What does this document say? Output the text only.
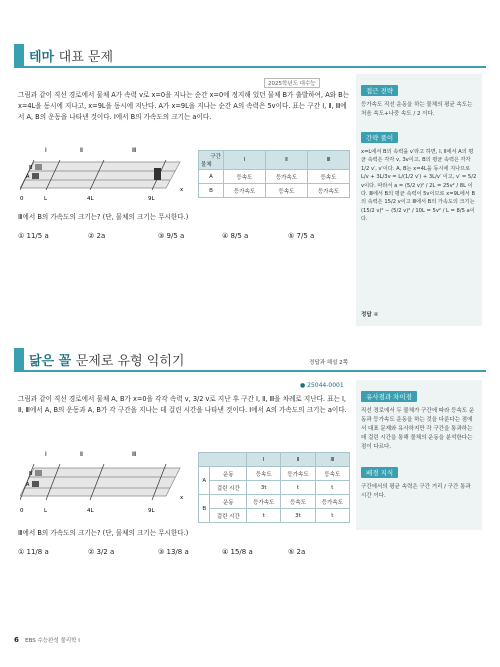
테마 대표 문제
2025학년도 대수능
그림과 같이 직선 경로에서 물체 A가 속력 v로 x=0을 지나는 순간 x=0에 정지해 있던 물체 B가 출발하여, A와 B는 x=4L을 동시에 지나고, x=9L을 동시에 지난다. A가 x=9L을 지나는 순간 A의 속력은 5v이다. 표는 구간 Ⅰ, Ⅱ, Ⅲ에서 A, B의 운동을 나타낸 것이다. Ⅰ에서 B의 가속도의 크기는 a이다.
Ⅰ	Ⅱ	Ⅲ
0	L	4L	9L
x
A
B
구간
물체	Ⅰ	Ⅱ	Ⅲ
A	등속도	등가속도	등속도
B	등가속도	등속도	등가속도
Ⅲ에서 B의 가속도의 크기는? (단, 물체의 크기는 무시한다.)
① 11/5 a	② 2a	③ 9/5 a	④ 8/5 a	⑤ 7/5 a
접근 전략
등가속도 직선 운동을 하는 물체의 평균 속도는 처음 속도+나중 속도 / 2 이다.
간략 풀이
x=L에서 B의 속력을 v′라고 하면, Ⅰ, Ⅱ에서 A의 평균 속력은 각각 v, 3v이고, B의 평균 속력은 각각 1/2 v′, v′이다. A, B는 x=4L을 동시에 지나므로 L/v + 3L/3v = L/(1/2 v′) + 3L/v′ 이고, v′ = 5/2 v이다. 따라서 a = (5/2 v)² / 2L = 25v² / 8L 이다. Ⅲ에서 B의 평균 속력이 5v이므로 x=9L에서 B의 속력은 15/2 v이고 Ⅲ에서 B의 가속도의 크기는 (15/2 v)² − (5/2 v)² / 10L = 5v² / L = 8/5 a이다.
정답 ④
닮은 꼴 문제로 유형 익히기	정답과 해설 2쪽
● 25044-0001
그림과 같이 직선 경로에서 물체 A, B가 x=0을 각각 속력 v, 3/2 v로 지난 후 구간 Ⅰ, Ⅱ, Ⅲ을 차례로 지난다. 표는 Ⅰ, Ⅱ, Ⅲ에서 A, B의 운동과 A, B가 각 구간을 지나는 데 걸린 시간을 나타낸 것이다. Ⅰ에서 A의 가속도의 크기는 a이다.
Ⅰ	Ⅱ	Ⅲ
0	L	4L	9L
x
A
B
		Ⅰ	Ⅱ	Ⅲ
A	운동	등속도	등가속도	등속도
	걸린 시간	3t	t	t
B	운동	등가속도	등속도	등가속도
	걸린 시간	t	3t	t
Ⅲ에서 B의 가속도의 크기는? (단, 물체의 크기는 무시한다.)
① 11/8 a	② 3/2 a	③ 13/8 a	④ 15/8 a	⑤ 2a
유사점과 차이점
직선 경로에서 두 물체가 구간에 따라 등속도 운동과 등가속도 운동을 하는 것을 다룬다는 점에서 대표 문제와 유사하지만 각 구간을 통과하는 데 걸린 시간을 통해 물체의 운동을 분석한다는 점이 다르다.
배경 지식
구간에서의 평균 속력은 구간 거리 / 구간 통과 시간 이다.
6 EBS 수능완성 물리학 Ⅰ
